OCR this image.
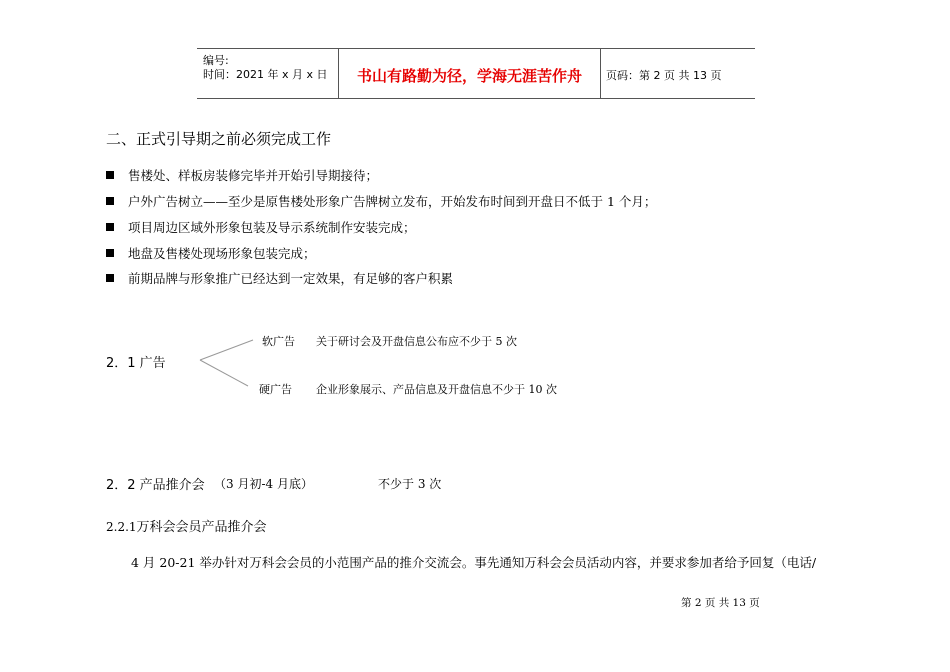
编号:
时间：2021 年 x 月 x 日	书山有路勤为径，学海无涯苦作舟	页码：第 2 页 共 13 页
二、正式引导期之前必须完成工作
售楼处、样板房装修完毕并开始引导期接待；
户外广告树立——至少是原售楼处形象广告牌树立发布，开始发布时间到开盘日不低于 1 个月；
项目周边区域外形象包装及导示系统制作安装完成；
地盘及售楼处现场形象包装完成；
前期品牌与形象推广已经达到一定效果，有足够的客户积累
2．1 广告
软广告 关于研讨会及开盘信息公布应不少于 5 次
硬广告 企业形象展示、产品信息及开盘信息不少于 10 次
2．2 产品推介会 （3 月初-4 月底）	不少于 3 次
2.2.1万科会会员产品推介会
4 月 20-21 举办针对万科会会员的小范围产品的推介交流会。事先通知万科会会员活动内容，并要求参加者给予回复（电话/
第 2 页 共 13 页
